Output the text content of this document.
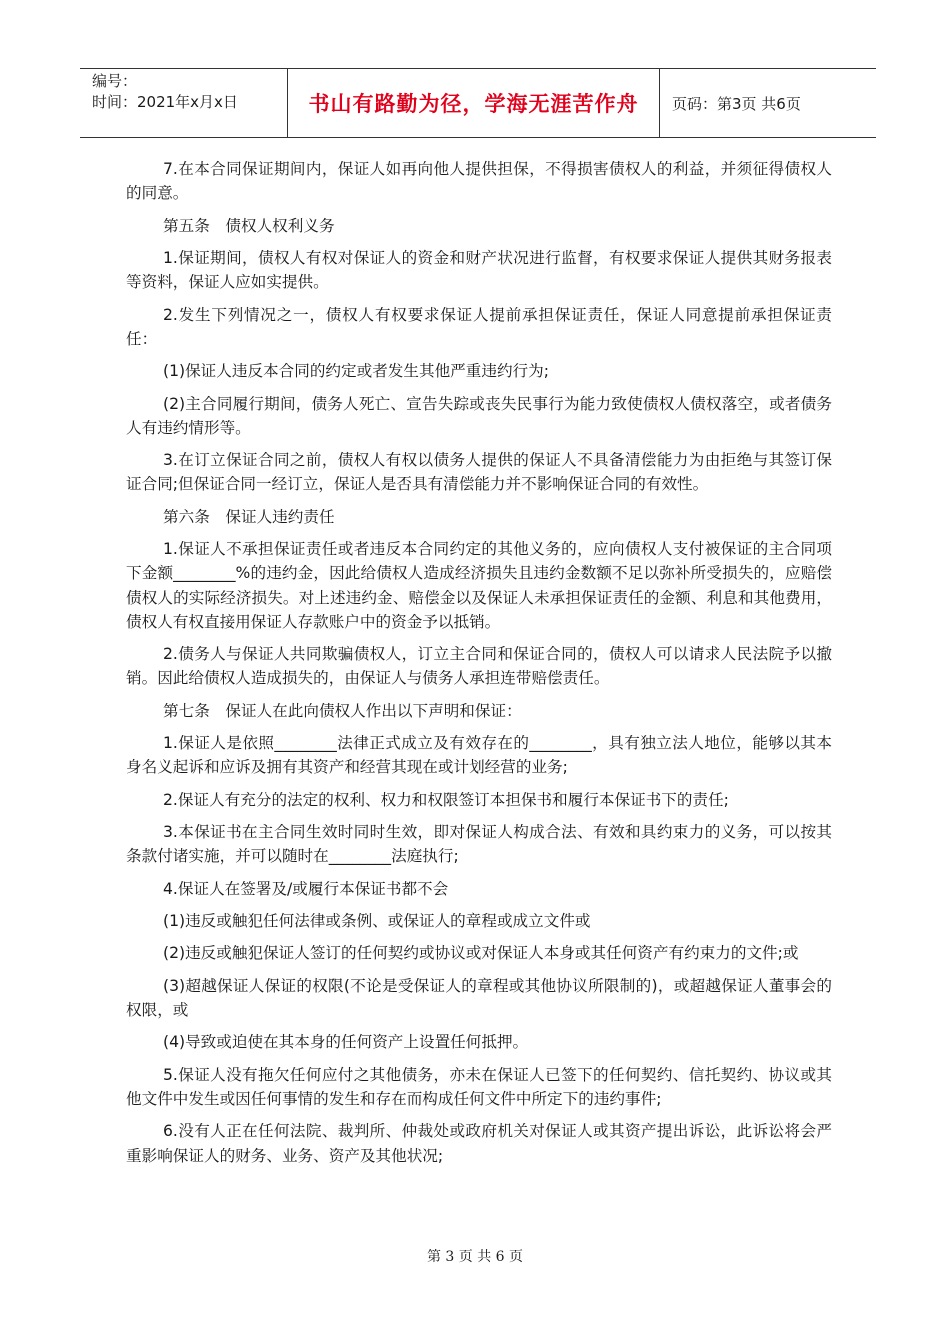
编号：
时间：2021年x月x日	书山有路勤为径，学海无涯苦作舟	页码：第3页 共6页

7.在本合同保证期间内，保证人如再向他人提供担保，不得损害债权人的利益，并须征得债权人的同意。

第五条　债权人权利义务

1.保证期间，债权人有权对保证人的资金和财产状况进行监督，有权要求保证人提供其财务报表等资料，保证人应如实提供。

2.发生下列情况之一，债权人有权要求保证人提前承担保证责任，保证人同意提前承担保证责任：

(1)保证人违反本合同的约定或者发生其他严重违约行为;

(2)主合同履行期间，债务人死亡、宣告失踪或丧失民事行为能力致使债权人债权落空，或者债务人有违约情形等。

3.在订立保证合同之前，债权人有权以债务人提供的保证人不具备清偿能力为由拒绝与其签订保证合同;但保证合同一经订立，保证人是否具有清偿能力并不影响保证合同的有效性。

第六条　保证人违约责任

1.保证人不承担保证责任或者违反本合同约定的其他义务的，应向债权人支付被保证的主合同项下金额________%的违约金，因此给债权人造成经济损失且违约金数额不足以弥补所受损失的，应赔偿债权人的实际经济损失。对上述违约金、赔偿金以及保证人未承担保证责任的金额、利息和其他费用，债权人有权直接用保证人存款账户中的资金予以抵销。

2.债务人与保证人共同欺骗债权人，订立主合同和保证合同的，债权人可以请求人民法院予以撤销。因此给债权人造成损失的，由保证人与债务人承担连带赔偿责任。

第七条　保证人在此向债权人作出以下声明和保证：

1.保证人是依照________法律正式成立及有效存在的________，具有独立法人地位，能够以其本身名义起诉和应诉及拥有其资产和经营其现在或计划经营的业务;

2.保证人有充分的法定的权利、权力和权限签订本担保书和履行本保证书下的责任;

3.本保证书在主合同生效时同时生效，即对保证人构成合法、有效和具约束力的义务，可以按其条款付诸实施，并可以随时在________法庭执行;

4.保证人在签署及/或履行本保证书都不会

(1)违反或触犯任何法律或条例、或保证人的章程或成立文件或

(2)违反或触犯保证人签订的任何契约或协议或对保证人本身或其任何资产有约束力的文件;或

(3)超越保证人保证的权限(不论是受保证人的章程或其他协议所限制的)，或超越保证人董事会的权限，或

(4)导致或迫使在其本身的任何资产上设置任何抵押。

5.保证人没有拖欠任何应付之其他债务，亦未在保证人已签下的任何契约、信托契约、协议或其他文件中发生或因任何事情的发生和存在而构成任何文件中所定下的违约事件;

6.没有人正在任何法院、裁判所、仲裁处或政府机关对保证人或其资产提出诉讼，此诉讼将会严重影响保证人的财务、业务、资产及其他状况;

第 3 页 共 6 页
